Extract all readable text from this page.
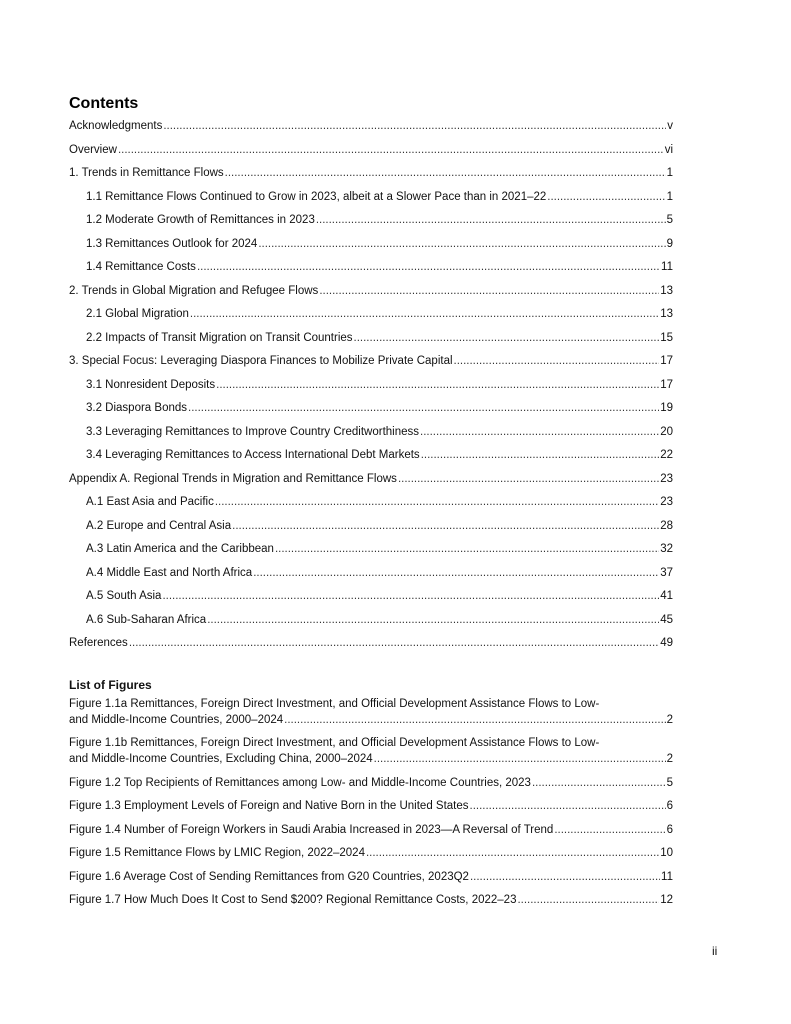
Contents
Acknowledgments . . .	v
Overview . . .	vi
1. Trends in Remittance Flows . . .	1
1.1 Remittance Flows Continued to Grow in 2023, albeit at a Slower Pace than in 2021–22 . . .	1
1.2 Moderate Growth of Remittances in 2023 . . .	5
1.3 Remittances Outlook for 2024 . . .	9
1.4 Remittance Costs . . .	11
2. Trends in Global Migration and Refugee Flows . . .	13
2.1 Global Migration . . .	13
2.2 Impacts of Transit Migration on Transit Countries . . .	15
3. Special Focus: Leveraging Diaspora Finances to Mobilize Private Capital . . .	17
3.1 Nonresident Deposits . . .	17
3.2 Diaspora Bonds . . .	19
3.3 Leveraging Remittances to Improve Country Creditworthiness . . .	20
3.4 Leveraging Remittances to Access International Debt Markets . . .	22
Appendix A. Regional Trends in Migration and Remittance Flows . . .	23
A.1 East Asia and Pacific . . .	23
A.2 Europe and Central Asia . . .	28
A.3 Latin America and the Caribbean . . .	32
A.4 Middle East and North Africa . . .	37
A.5 South Asia . . .	41
A.6 Sub-Saharan Africa . . .	45
References . . .	49
List of Figures
Figure 1.1a Remittances, Foreign Direct Investment, and Official Development Assistance Flows to Low-
and Middle-Income Countries, 2000–2024 . . .	2
Figure 1.1b Remittances, Foreign Direct Investment, and Official Development Assistance Flows to Low-
and Middle-Income Countries, Excluding China, 2000–2024 . . .	2
Figure 1.2 Top Recipients of Remittances among Low- and Middle-Income Countries, 2023 . . .	5
Figure 1.3 Employment Levels of Foreign and Native Born in the United States . . .	6
Figure 1.4 Number of Foreign Workers in Saudi Arabia Increased in 2023—A Reversal of Trend . . .	6
Figure 1.5 Remittance Flows by LMIC Region, 2022–2024 . . .	10
Figure 1.6 Average Cost of Sending Remittances from G20 Countries, 2023Q2 . . .	11
Figure 1.7 How Much Does It Cost to Send $200? Regional Remittance Costs, 2022–23 . . .	12
ii
